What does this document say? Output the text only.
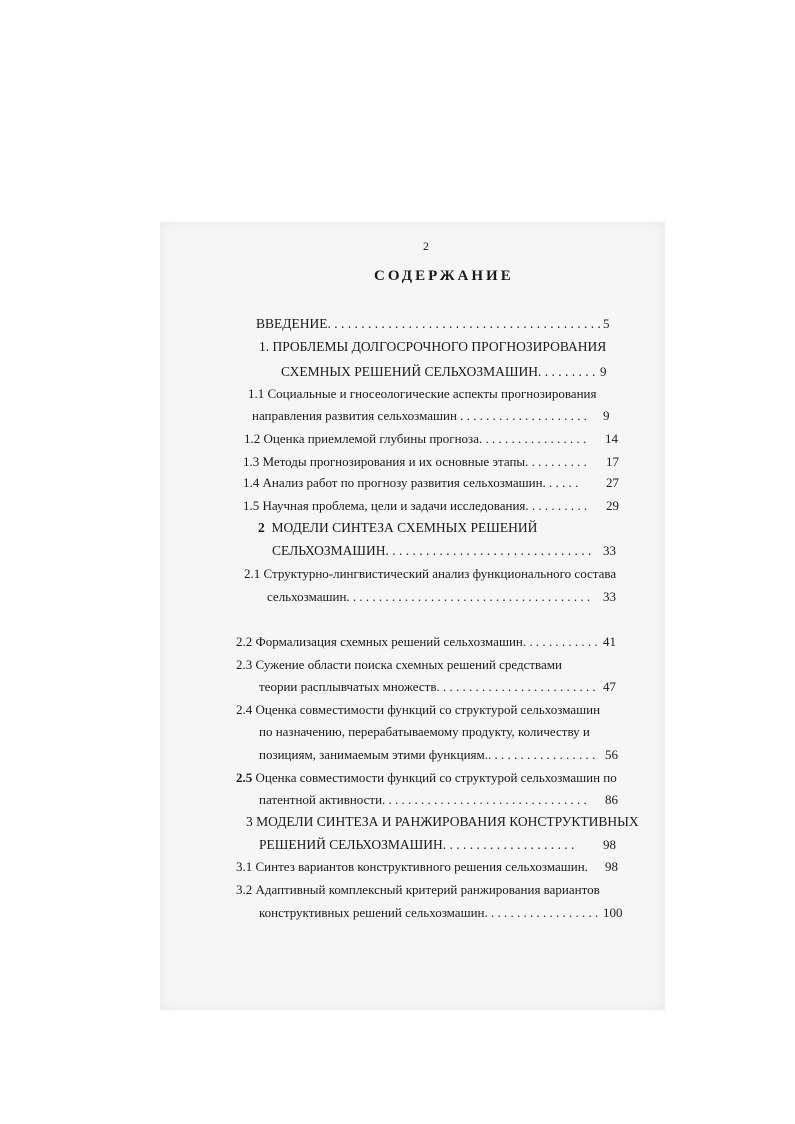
2
СОДЕРЖАНИЕ
ВВЕДЕНИЕ. . . . . . . . . . . . . . . . . . . . . . . . . . . . . . . . . . . . . . . . . 5
1. ПРОБЛЕМЫ ДОЛГОСРОЧНОГО ПРОГНОЗИРОВАНИЯ
СХЕМНЫХ РЕШЕНИЙ СЕЛЬХОЗМАШИН. . . . . . . . . 9
1.1 Социальные и гносеологические аспекты прогнозирования
направления развития сельхозмашин . . . . . . . . . . . . . . . . . . . . 9
1.2 Оценка приемлемой глубины прогноза. . . . . . . . . . . . . . . . . 14
1.3 Методы прогнозирования и их основные этапы. . . . . . . . . . 17
1.4 Анализ работ по прогнозу развития сельхозмашин. . . . . . 27
1.5 Научная проблема, цели и задачи исследования. . . . . . . . . . 29
2 МОДЕЛИ СИНТЕЗА СХЕМНЫХ РЕШЕНИЙ
СЕЛЬХОЗМАШИН. . . . . . . . . . . . . . . . . . . . . . . . . . . . . . . 33
2.1 Структурно-лингвистический анализ функционального состава
сельхозмашин. . . . . . . . . . . . . . . . . . . . . . . . . . . . . . . . . . . . . . 33
2.2 Формализация схемных решений сельхозмашин. . . . . . . . . . . . 41
2.3 Сужение области поиска схемных решений средствами
теории расплывчатых множеств. . . . . . . . . . . . . . . . . . . . . . . . . 47
2.4 Оценка совместимости функций со структурой сельхозмашин
по назначению, перерабатываемому продукту, количеству и
позициям, занимаемым этими функциям.. . . . . . . . . . . . . . . . . 56
2.5 Оценка совместимости функций со структурой сельхозмашин по
патентной активности. . . . . . . . . . . . . . . . . . . . . . . . . . . . . . . . 86
3 МОДЕЛИ СИНТЕЗА И РАНЖИРОВАНИЯ КОНСТРУКТИВНЫХ
РЕШЕНИЙ СЕЛЬХОЗМАШИН. . . . . . . . . . . . . . . . . . . . 98
3.1 Синтез вариантов конструктивного решения сельхозмашин. 98
3.2 Адаптивный комплексный критерий ранжирования вариантов
конструктивных решений сельхозмашин. . . . . . . . . . . . . . . . . . 100
